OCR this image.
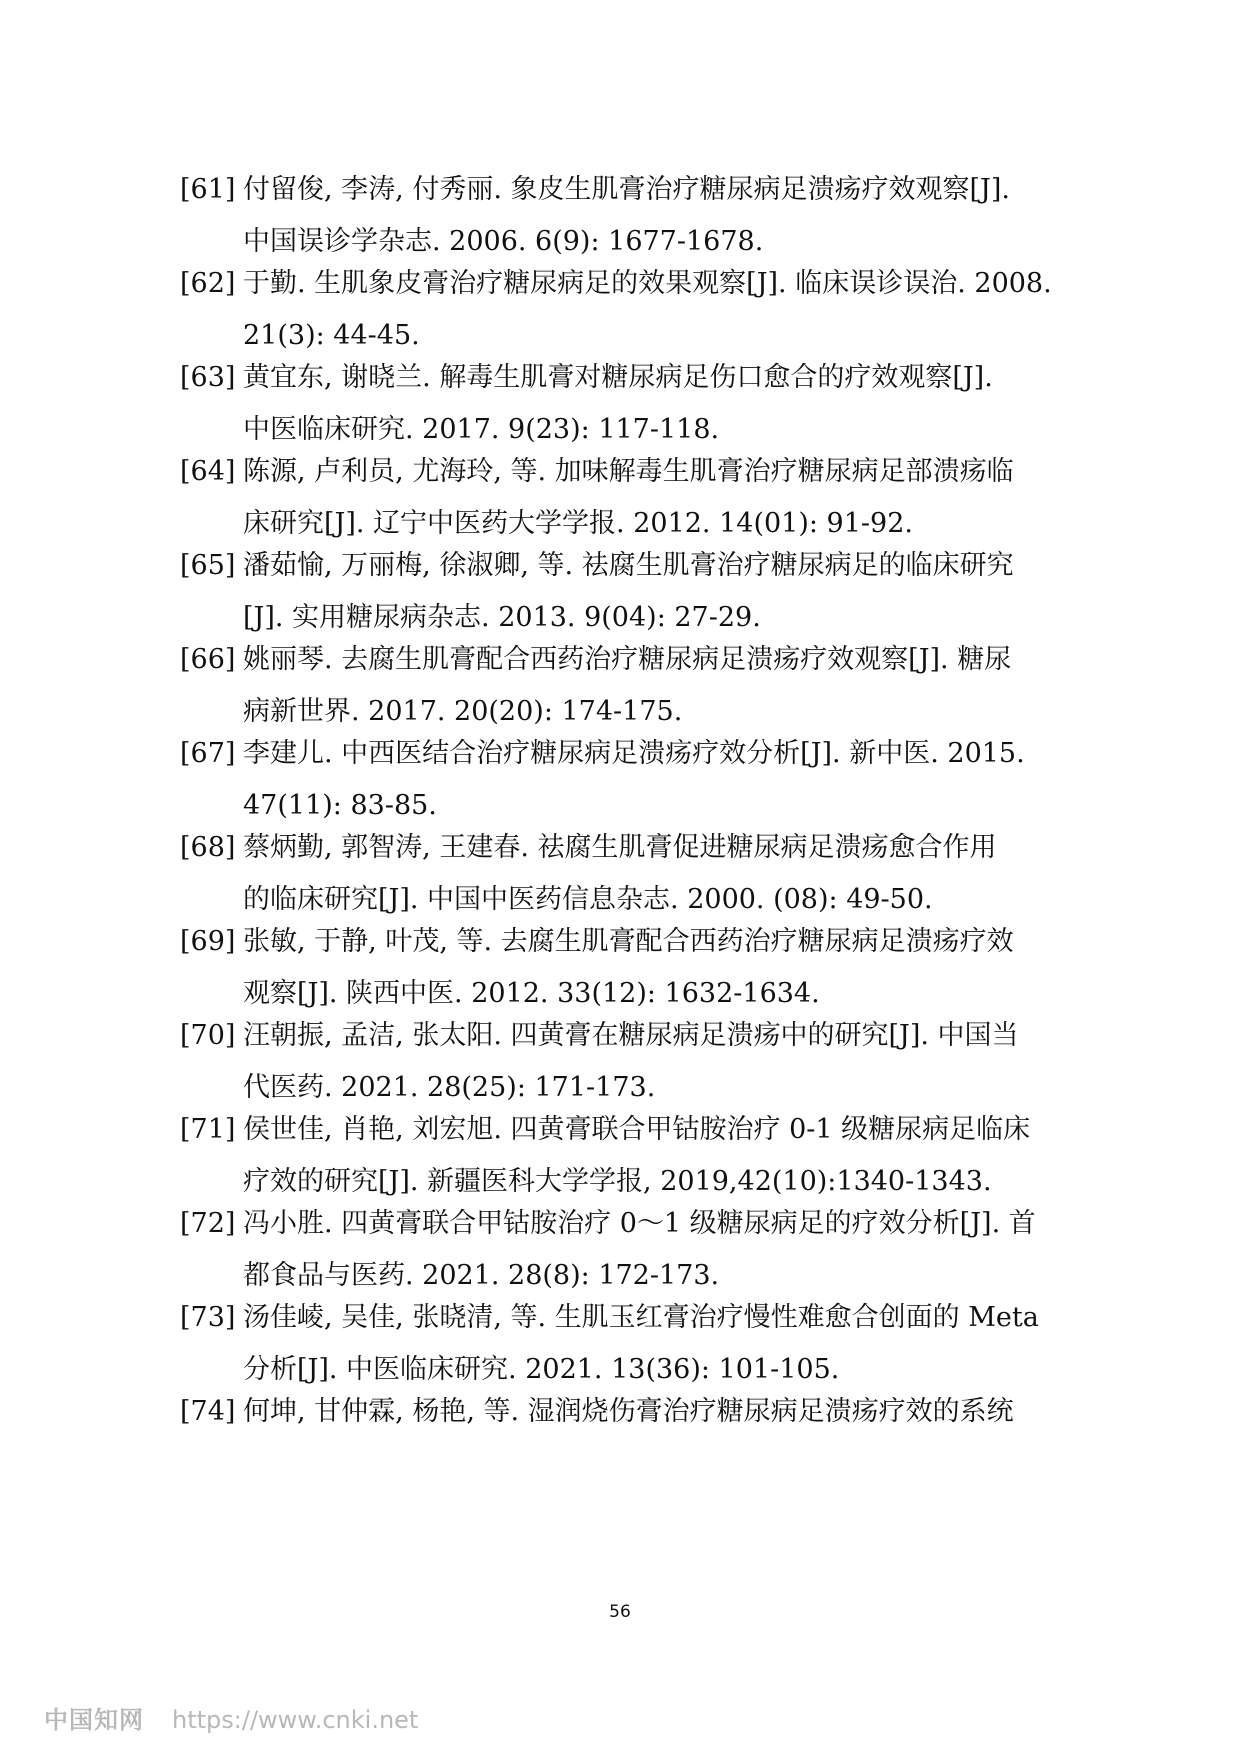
[61] 付留俊, 李涛, 付秀丽. 象皮生肌膏治疗糖尿病足溃疡疗效观察[J].
中国误诊学杂志. 2006. 6(9): 1677-1678.
[62] 于勤. 生肌象皮膏治疗糖尿病足的效果观察[J]. 临床误诊误治. 2008.
21(3): 44-45.
[63] 黄宜东, 谢晓兰. 解毒生肌膏对糖尿病足伤口愈合的疗效观察[J].
中医临床研究. 2017. 9(23): 117-118.
[64] 陈源, 卢利员, 尤海玲, 等. 加味解毒生肌膏治疗糖尿病足部溃疡临
床研究[J]. 辽宁中医药大学学报. 2012. 14(01): 91-92.
[65] 潘茹愉, 万丽梅, 徐淑卿, 等. 祛腐生肌膏治疗糖尿病足的临床研究
[J]. 实用糖尿病杂志. 2013. 9(04): 27-29.
[66] 姚丽琴. 去腐生肌膏配合西药治疗糖尿病足溃疡疗效观察[J]. 糖尿
病新世界. 2017. 20(20): 174-175.
[67] 李建儿. 中西医结合治疗糖尿病足溃疡疗效分析[J]. 新中医. 2015.
47(11): 83-85.
[68] 蔡炳勤, 郭智涛, 王建春. 祛腐生肌膏促进糖尿病足溃疡愈合作用
的临床研究[J]. 中国中医药信息杂志. 2000. (08): 49-50.
[69] 张敏, 于静, 叶茂, 等. 去腐生肌膏配合西药治疗糖尿病足溃疡疗效
观察[J]. 陕西中医. 2012. 33(12): 1632-1634.
[70] 汪朝振, 孟洁, 张太阳. 四黄膏在糖尿病足溃疡中的研究[J]. 中国当
代医药. 2021. 28(25): 171-173.
[71] 侯世佳, 肖艳, 刘宏旭. 四黄膏联合甲钴胺治疗 0-1 级糖尿病足临床
疗效的研究[J]. 新疆医科大学学报, 2019,42(10):1340-1343.
[72] 冯小胜. 四黄膏联合甲钴胺治疗 0～1 级糖尿病足的疗效分析[J]. 首
都食品与医药. 2021. 28(8): 172-173.
[73] 汤佳崚, 吴佳, 张晓清, 等. 生肌玉红膏治疗慢性难愈合创面的 Meta
分析[J]. 中医临床研究. 2021. 13(36): 101-105.
[74] 何坤, 甘仲霖, 杨艳, 等. 湿润烧伤膏治疗糖尿病足溃疡疗效的系统
56
中国知网 https://www.cnki.net
